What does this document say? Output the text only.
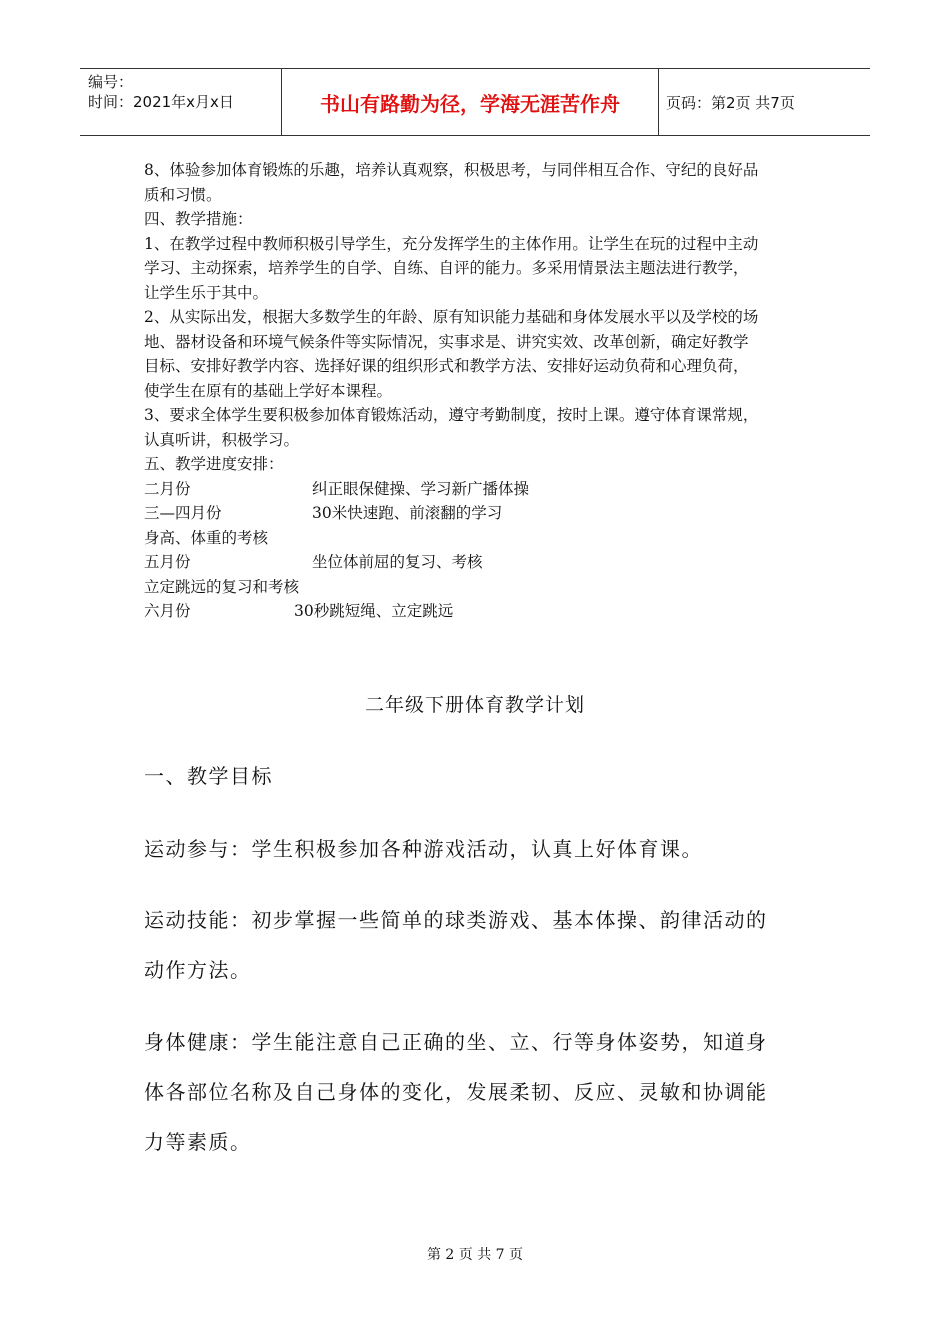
编号：
时间：2021年x月x日	书山有路勤为径，学海无涯苦作舟	页码：第2页 共7页

8、体验参加体育锻炼的乐趣，培养认真观察，积极思考，与同伴相互合作、守纪的良好品

质和习惯。

四、教学措施：

1、在教学过程中教师积极引导学生，充分发挥学生的主体作用。让学生在玩的过程中主动

学习、主动探索，培养学生的自学、自练、自评的能力。多采用情景法主题法进行教学，

让学生乐于其中。

2、从实际出发，根据大多数学生的年龄、原有知识能力基础和身体发展水平以及学校的场

地、器材设备和环境气候条件等实际情况，实事求是、讲究实效、改革创新，确定好教学

目标、安排好教学内容、选择好课的组织形式和教学方法、安排好运动负荷和心理负荷，

使学生在原有的基础上学好本课程。

3、要求全体学生要积极参加体育锻炼活动，遵守考勤制度，按时上课。遵守体育课常规，

认真听讲，积极学习。

五、教学进度安排：

二月份	纠正眼保健操、学习新广播体操
三—四月份	30米快速跑、前滚翻的学习
身高、体重的考核
五月份	坐位体前屈的复习、考核
立定跳远的复习和考核
六月份	30秒跳短绳、立定跳远
二年级下册体育教学计划

一、教学目标

运动参与：学生积极参加各种游戏活动，认真上好体育课。

运动技能：初步掌握一些简单的球类游戏、基本体操、韵律活动的

动作方法。

身体健康：学生能注意自己正确的坐、立、行等身体姿势，知道身

体各部位名称及自己身体的变化，发展柔韧、反应、灵敏和协调能

力等素质。

第 2 页 共 7 页
